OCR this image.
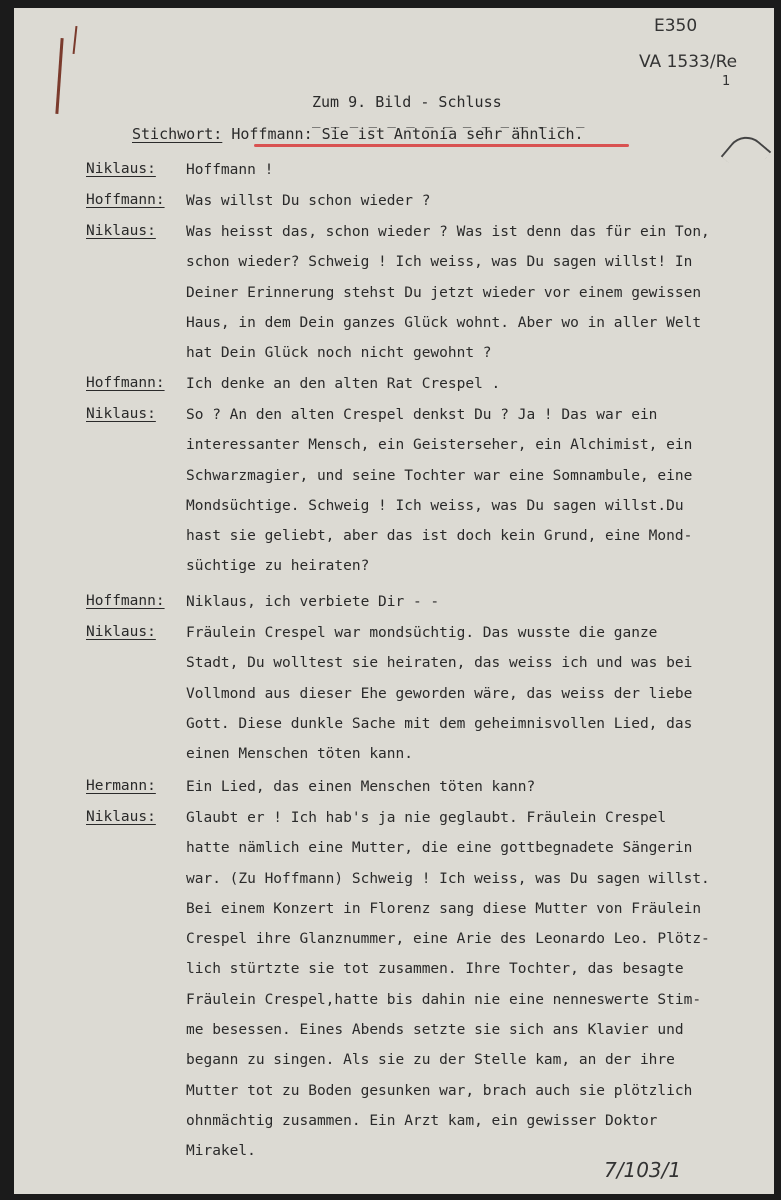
E350
VA 1533/Re
1
Zum 9. Bild - Schluss
_ _ _ _ _ _ _ _ _ _ _ _ _ _ _
Stichwort: Hoffmann: Sie ist Antonia sehr ähnlich.
Niklaus:	Hoffmann !
Hoffmann:	Was willst Du schon wieder ?
Niklaus:	Was heisst das, schon wieder ? Was ist denn das für ein Ton,
schon wieder? Schweig ! Ich weiss, was Du sagen willst! In
Deiner Erinnerung stehst Du jetzt wieder vor einem gewissen
Haus, in dem Dein ganzes Glück wohnt. Aber wo in aller Welt
hat Dein Glück noch nicht gewohnt ?
Hoffmann:	Ich denke an den alten Rat Crespel .
Niklaus:	So ? An den alten Crespel denkst Du ? Ja ! Das war ein
interessanter Mensch, ein Geisterseher, ein Alchimist, ein
Schwarzmagier, und seine Tochter war eine Somnambule, eine
Mondsüchtige. Schweig ! Ich weiss, was Du sagen willst.Du
hast sie geliebt, aber das ist doch kein Grund, eine Mond-
süchtige zu heiraten?
Hoffmann:	Niklaus, ich verbiete Dir - -
Niklaus:	Fräulein Crespel war mondsüchtig. Das wusste die ganze
Stadt, Du wolltest sie heiraten, das weiss ich und was bei
Vollmond aus dieser Ehe geworden wäre, das weiss der liebe
Gott. Diese dunkle Sache mit dem geheimnisvollen Lied, das
einen Menschen töten kann.
Hermann:	Ein Lied, das einen Menschen töten kann?
Niklaus:	Glaubt er ! Ich hab's ja nie geglaubt. Fräulein Crespel
hatte nämlich eine Mutter, die eine gottbegnadete Sängerin
war. (Zu Hoffmann) Schweig ! Ich weiss, was Du sagen willst.
Bei einem Konzert in Florenz sang diese Mutter von Fräulein
Crespel ihre Glanznummer, eine Arie des Leonardo Leo. Plötz-
lich stürtzte sie tot zusammen. Ihre Tochter, das besagte
Fräulein Crespel,hatte bis dahin nie eine nenneswerte Stim-
me besessen. Eines Abends setzte sie sich ans Klavier und
begann zu singen. Als sie zu der Stelle kam, an der ihre
Mutter tot zu Boden gesunken war, brach auch sie plötzlich
ohnmächtig zusammen. Ein Arzt kam, ein gewisser Doktor
Mirakel.
7/103/1
